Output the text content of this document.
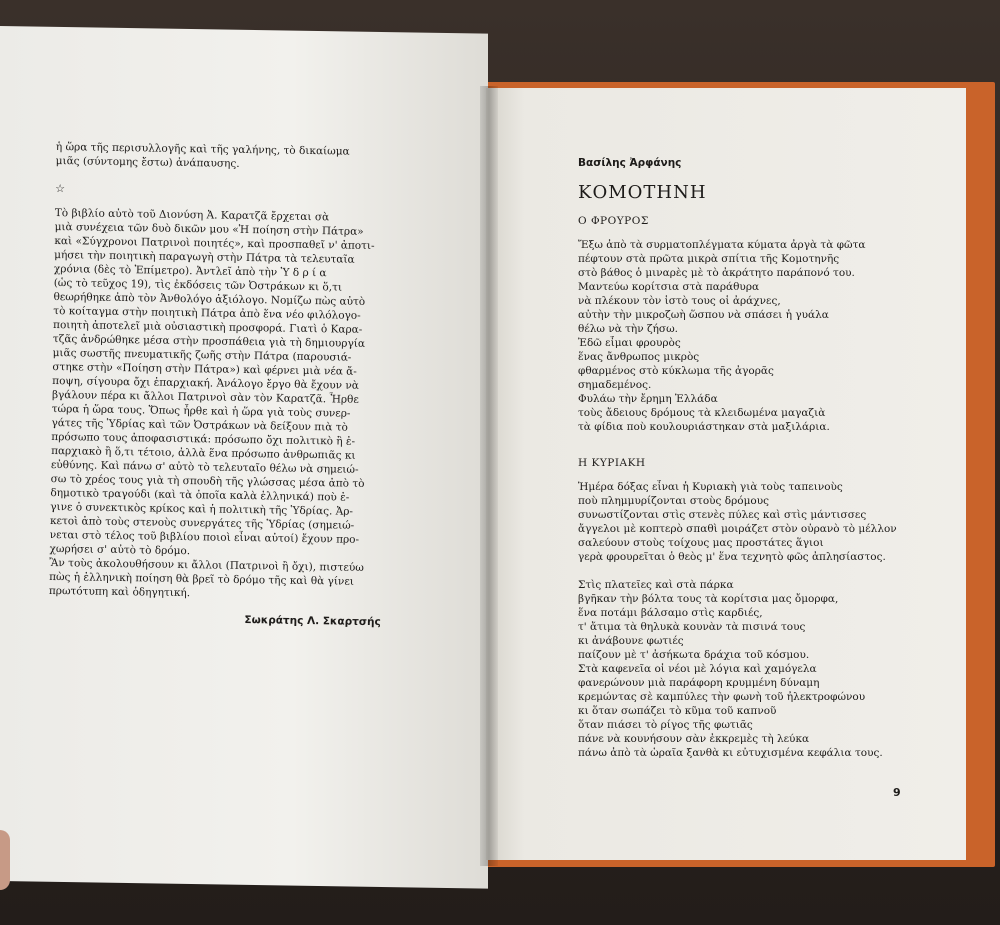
ἡ ὥρα τῆς περισυλλογῆς καὶ τῆς γαλήνης, τὸ δικαίωμα
μιᾶς (σύντομης ἔστω) ἀνάπαυσης.
☆
Τὸ βιβλίο αὐτὸ τοῦ Διονύση Ἀ. Καρατζᾶ ἔρχεται σὰ
μιὰ συνέχεια τῶν δυὸ δικῶν μου «Ἡ ποίηση στὴν Πάτρα»
καὶ «Σύγχρονοι Πατρινοὶ ποιητές», καὶ προσπαθεῖ ν' ἀποτι-
μήσει τὴν ποιητικὴ παραγωγὴ στὴν Πάτρα τὰ τελευταῖα
χρόνια (δὲς τὸ Ἐπίμετρο). Ἀντλεῖ ἀπὸ τὴν Ὑ δ ρ ί α
(ὡς τὸ τεῦχος 19), τὶς ἐκδόσεις τῶν Ὀστράκων κι ὅ,τι
θεωρήθηκε ἀπὸ τὸν Ἀνθολόγο ἀξιόλογο. Νομίζω πὼς αὐτὸ
τὸ κοίταγμα στὴν ποιητικὴ Πάτρα ἀπὸ ἕνα νέο φιλόλογο-
ποιητὴ ἀποτελεῖ μιὰ οὐσιαστικὴ προσφορά. Γιατὶ ὁ Καρα-
τζᾶς ἀνδρώθηκε μέσα στὴν προσπάθεια γιὰ τὴ δημιουργία
μιᾶς σωστῆς πνευματικῆς ζωῆς στὴν Πάτρα (παρουσιά-
στηκε στὴν «Ποίηση στὴν Πάτρα») καὶ φέρνει μιὰ νέα ἄ-
ποψη, σίγουρα ὄχι ἐπαρχιακή. Ἀνάλογο ἔργο θὰ ἔχουν νὰ
βγάλουν πέρα κι ἄλλοι Πατρινοὶ σὰν τὸν Καρατζᾶ. Ἦρθε
τώρα ἡ ὥρα τους. Ὅπως ἦρθε καὶ ἡ ὥρα γιὰ τοὺς συνερ-
γάτες τῆς Ὑδρίας καὶ τῶν Ὀστράκων νὰ δείξουν πιὰ τὸ
πρόσωπο τους ἀποφασιστικά: πρόσωπο ὄχι πολιτικὸ ἢ ἐ-
παρχιακὸ ἢ ὅ,τι τέτοιο, ἀλλὰ ἕνα πρόσωπο ἀνθρωπιᾶς κι
εὐθύνης. Καὶ πάνω σ' αὐτὸ τὸ τελευταῖο θέλω νὰ σημειώ-
σω τὸ χρέος τους γιὰ τὴ σπουδὴ τῆς γλώσσας μέσα ἀπὸ τὸ
δημοτικὸ τραγούδι (καὶ τὰ ὁποῖα καλὰ ἑλληνικά) ποὺ ἐ-
γινε ὁ συνεκτικὸς κρίκος καὶ ἡ πολιτικὴ τῆς Ὑδρίας. Ἀρ-
κετοὶ ἀπὸ τοὺς στενοὺς συνεργάτες τῆς Ὑδρίας (σημειώ-
νεται στὸ τέλος τοῦ βιβλίου ποιοὶ εἶναι αὐτοί) ἔχουν προ-
χωρήσει σ' αὐτὸ τὸ δρόμο.
Ἂν τοὺς ἀκολουθήσουν κι ἄλλοι (Πατρινοὶ ἢ ὄχι), πιστεύω
πὼς ἡ ἑλληνικὴ ποίηση θὰ βρεῖ τὸ δρόμο τῆς καὶ θὰ γίνει
πρωτότυπη καὶ ὁδηγητική.
Σωκράτης Λ. Σκαρτσής
Βασίλης Ἀρφάνης
ΚΟΜΟΤΗΝΗ
Ο ΦΡΟΥΡΟΣ
Ἔξω ἀπὸ τὰ συρματοπλέγματα κύματα ἀργὰ τὰ φῶτα
πέφτουν στὰ πρῶτα μικρὰ σπίτια τῆς Κομοτηνῆς
στὸ βάθος ὁ μιναρὲς μὲ τὸ ἀκράτητο παράπονό του.
Μαντεύω κορίτσια στὰ παράθυρα
νὰ πλέκουν τὸν ἱστὸ τους οἱ ἀράχνες,
αὐτὴν τὴν μικροζωὴ ὥσπου νὰ σπάσει ἡ γυάλα
θέλω νὰ τὴν ζήσω.
Ἐδῶ εἶμαι φρουρὸς
ἕνας ἄνθρωπος μικρὸς
φθαρμένος στὸ κύκλωμα τῆς ἀγορᾶς
σημαδεμένος.
Φυλάω τὴν ἔρημη Ἑλλάδα
τοὺς ἄδειους δρόμους τὰ κλειδωμένα μαγαζιὰ
τὰ φίδια ποὺ κουλουριάστηκαν στὰ μαξιλάρια.
Η ΚΥΡΙΑΚΗ
Ἡμέρα δόξας εἶναι ἡ Κυριακὴ γιὰ τοὺς ταπεινοὺς
ποὺ πλημμυρίζονται στοὺς δρόμους
συνωστίζονται στὶς στενὲς πύλες καὶ στὶς μάντισσες
ἄγγελοι μὲ κοπτερὸ σπαθὶ μοιράζετ στὸν οὐρανὸ τὸ μέλλον
σαλεύουν στοὺς τοίχους μας προστάτες ἅγιοι
γερὰ φρουρεῖται ὁ θεὸς μ' ἕνα τεχνητὸ φῶς ἀπλησίαστος.
Στὶς πλατεῖες καὶ στὰ πάρκα
βγῆκαν τὴν βόλτα τους τὰ κορίτσια μας ὄμορφα,
ἕνα ποτάμι βάλσαμο στὶς καρδιές,
τ' ἄτιμα τὰ θηλυκὰ κουνὰν τὰ πισινά τους
κι ἀνάβουνε φωτιές
παίζουν μὲ τ' ἀσήκωτα δράχια τοῦ κόσμου.
Στὰ καφενεῖα οἱ νέοι μὲ λόγια καὶ χαμόγελα
φανερώνουν μιὰ παράφορη κρυμμένη δύναμη
κρεμώντας σὲ καμπύλες τὴν φωνὴ τοῦ ἠλεκτροφώνου
κι ὅταν σωπάζει τὸ κῦμα τοῦ καπνοῦ
ὅταν πιάσει τὸ ρίγος τῆς φωτιᾶς
πάνε νὰ κουνήσουν σὰν ἐκκρεμὲς τὴ λεύκα
πάνω ἀπὸ τὰ ὡραῖα ξανθὰ κι εὐτυχισμένα κεφάλια τους.
9
